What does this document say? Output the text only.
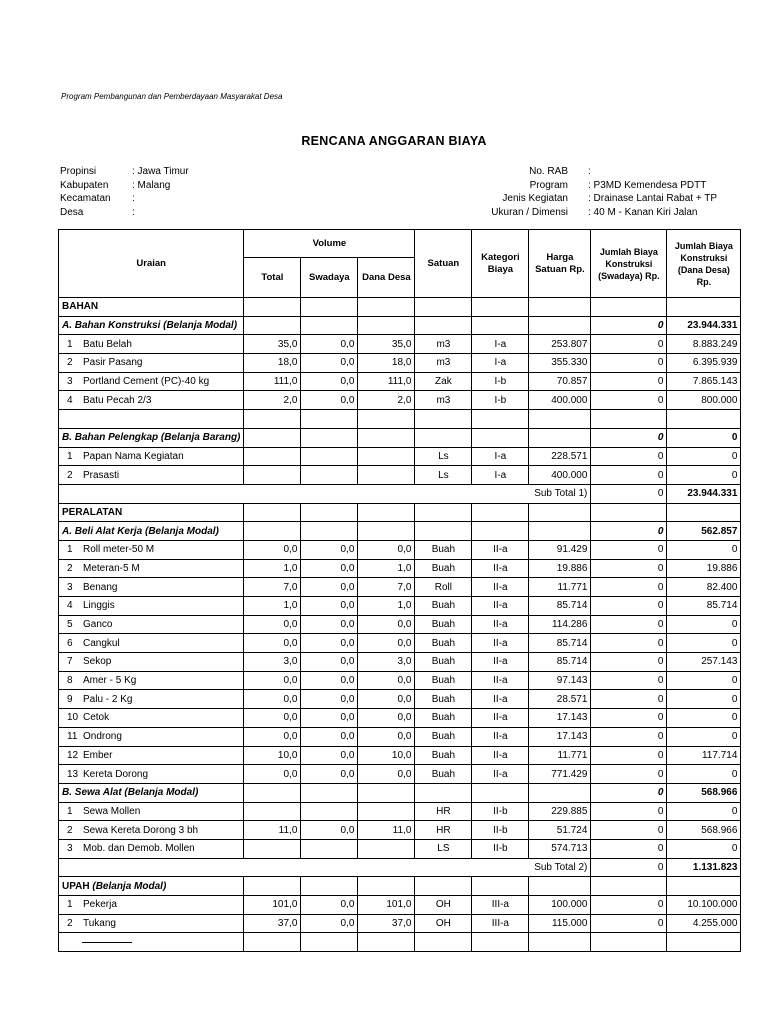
Program Pembangunan dan Pemberdayaan Masyarakat Desa
RENCANA ANGGARAN BIAYA
Propinsi	: Jawa Timur
Kabupaten : Malang
Kecamatan :
Desa	:
No. RAB :
Program : P3MD Kemendesa PDTT
Jenis Kegiatan : Drainase Lantai Rabat + TP
Ukuran / Dimensi : 40 M - Kanan Kiri Jalan
Uraian	Volume			Satuan	Kategori Biaya	Harga Satuan Rp.	Jumlah Biaya Konstruksi (Swadaya) Rp.	Jumlah Biaya Konstruksi (Dana Desa) Rp.
	Total	Swadaya	Dana Desa					
BAHAN								
A. Bahan Konstruksi (Belanja Modal)							0	23.944.331
1 Batu Belah	35,0	0,0	35,0	m3	I-a	253.807	0	8.883.249
2 Pasir Pasang	18,0	0,0	18,0	m3	I-a	355.330	0	6.395.939
3 Portland Cement (PC)-40 kg	111,0	0,0	111,0	Zak	I-b	70.857	0	7.865.143
4 Batu Pecah 2/3	2,0	0,0	2,0	m3	I-b	400.000	0	800.000

B. Bahan Pelengkap (Belanja Barang)							0	0
1 Papan Nama Kegiatan				Ls	I-a	228.571	0	0
2 Prasasti				Ls	I-a	400.000	0	0
						Sub Total 1)	0	23.944.331
PERALATAN								
A. Beli Alat Kerja (Belanja Modal)							0	562.857
1 Roll meter-50 M	0,0	0,0	0,0	Buah	II-a	91.429	0	0
2 Meteran-5 M	1,0	0,0	1,0	Buah	II-a	19.886	0	19.886
3 Benang	7,0	0,0	7,0	Roll	II-a	11.771	0	82.400
4 Linggis	1,0	0,0	1,0	Buah	II-a	85.714	0	85.714
5 Ganco	0,0	0,0	0,0	Buah	II-a	114.286	0	0
6 Cangkul	0,0	0,0	0,0	Buah	II-a	85.714	0	0
7 Sekop	3,0	0,0	3,0	Buah	II-a	85.714	0	257.143
8 Amer - 5 Kg	0,0	0,0	0,0	Buah	II-a	97.143	0	0
9 Palu - 2 Kg	0,0	0,0	0,0	Buah	II-a	28.571	0	0
10 Cetok	0,0	0,0	0,0	Buah	II-a	17.143	0	0
11 Ondrong	0,0	0,0	0,0	Buah	II-a	17.143	0	0
12 Ember	10,0	0,0	10,0	Buah	II-a	11.771	0	117.714
13 Kereta Dorong	0,0	0,0	0,0	Buah	II-a	771.429	0	0
B. Sewa Alat (Belanja Modal)							0	568.966
1 Sewa Mollen				HR	II-b	229.885	0	0
2 Sewa Kereta Dorong 3 bh	11,0	0,0	11,0	HR	II-b	51.724	0	568.966
3 Mob. dan Demob. Mollen				LS	II-b	574.713	0	0
						Sub Total 2)	0	1.131.823
UPAH (Belanja Modal)								
1 Pekerja	101,0	0,0	101,0	OH	III-a	100.000	0	10.100.000
2 Tukang	37,0	0,0	37,0	OH	III-a	115.000	0	4.255.000
